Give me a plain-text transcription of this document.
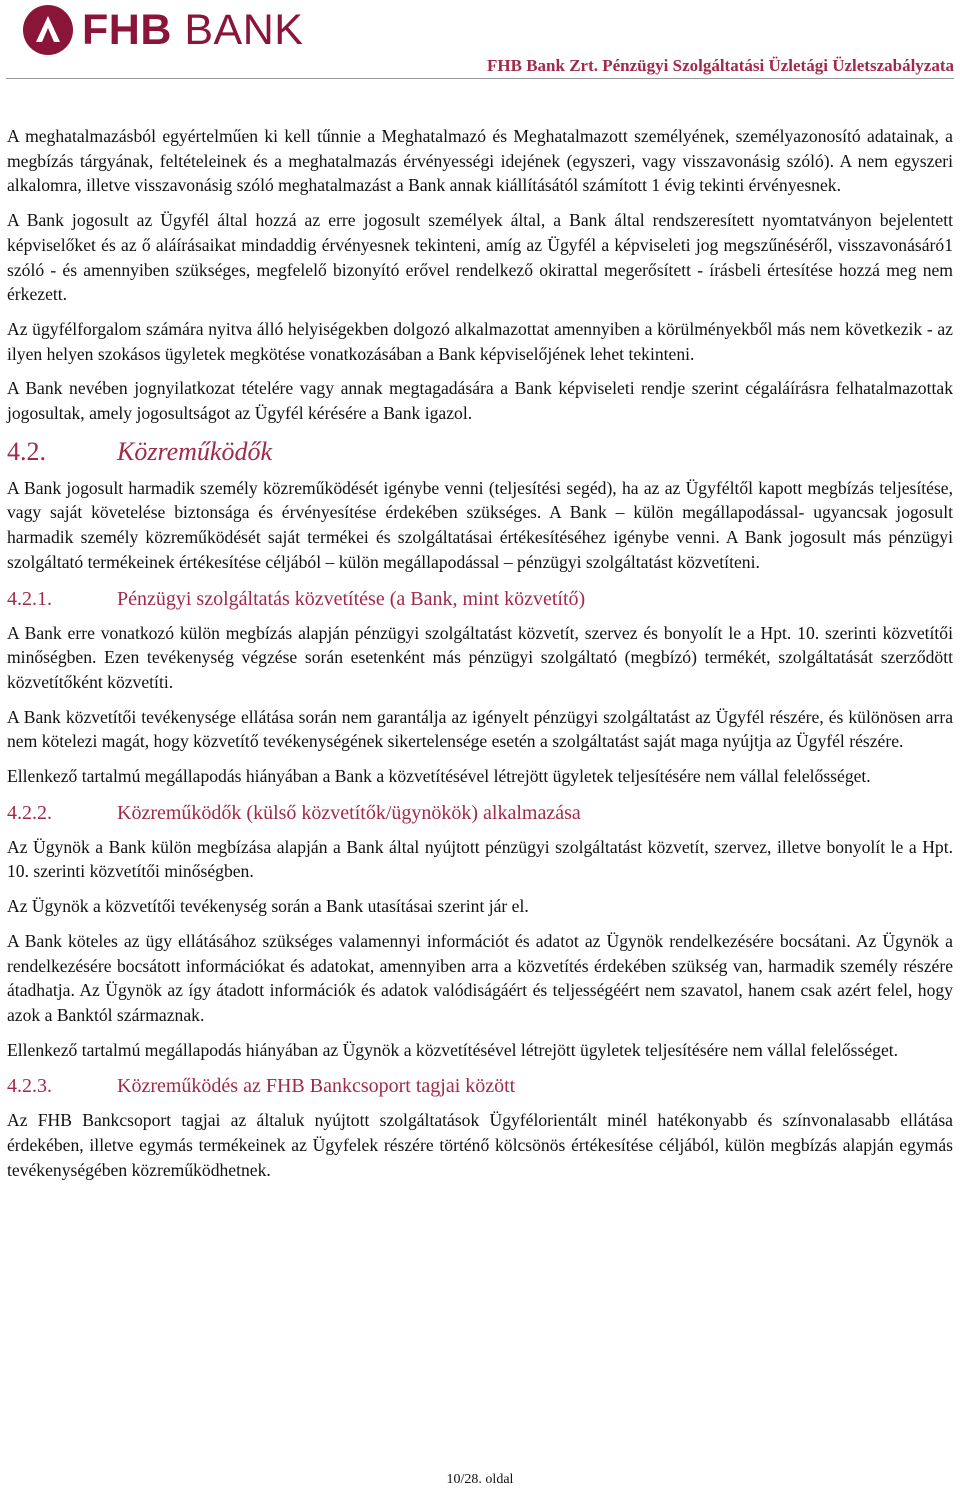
FHB BANK
FHB Bank Zrt. Pénzügyi Szolgáltatási Üzletági Üzletszabályzata

A meghatalmazásból egyértelműen ki kell tűnnie a Meghatalmazó és Meghatalmazott személyének, személyazonosító adatainak, a megbízás tárgyának, feltételeinek és a meghatalmazás érvényességi idejének (egyszeri, vagy visszavonásig szóló). A nem egyszeri alkalomra, illetve visszavonásig szóló meghatalmazást a Bank annak kiállításától számított 1 évig tekinti érvényesnek.

A Bank jogosult az Ügyfél által hozzá az erre jogosult személyek által, a Bank által rendszeresített nyomtatványon bejelentett képviselőket és az ő aláírásaikat mindaddig érvényesnek tekinteni, amíg az Ügyfél a képviseleti jog megszűnéséről, visszavonásáró1 szóló - és amennyiben szükséges, megfelelő bizonyító erővel rendelkező okirattal megerősített - írásbeli értesítése hozzá meg nem érkezett.

Az ügyfélforgalom számára nyitva álló helyiségekben dolgozó alkalmazottat amennyiben a körülményekből más nem következik - az ilyen helyen szokásos ügyletek megkötése vonatkozásában a Bank képviselőjének lehet tekinteni.

A Bank nevében jognyilatkozat tételére vagy annak megtagadására a Bank képviseleti rendje szerint cégaláírásra felhatalmazottak jogosultak, amely jogosultságot az Ügyfél kérésére a Bank igazol.

4.2.	Közreműködők

A Bank jogosult harmadik személy közreműködését igénybe venni (teljesítési segéd), ha az az Ügyféltől kapott megbízás teljesítése, vagy saját követelése biztonsága és érvényesítése érdekében szükséges. A Bank – külön megállapodással- ugyancsak jogosult harmadik személy közreműködését saját termékei és szolgáltatásai értékesítéséhez igénybe venni. A Bank jogosult más pénzügyi szolgáltató termékeinek értékesítése céljából – külön megállapodással – pénzügyi szolgáltatást közvetíteni.

4.2.1.	Pénzügyi szolgáltatás közvetítése (a Bank, mint közvetítő)

A Bank erre vonatkozó külön megbízás alapján pénzügyi szolgáltatást közvetít, szervez és bonyolít le a Hpt. 10. szerinti közvetítői minőségben. Ezen tevékenység végzése során esetenként más pénzügyi szolgáltató (megbízó) termékét, szolgáltatását szerződött közvetítőként közvetíti.

A Bank közvetítői tevékenysége ellátása során nem garantálja az igényelt pénzügyi szolgáltatást az Ügyfél részére, és különösen arra nem kötelezi magát, hogy közvetítő tevékenységének sikertelensége esetén a szolgáltatást saját maga nyújtja az Ügyfél részére.

Ellenkező tartalmú megállapodás hiányában a Bank a közvetítésével létrejött ügyletek teljesítésére nem vállal felelősséget.

4.2.2.	Közreműködők (külső közvetítők/ügynökök) alkalmazása

Az Ügynök a Bank külön megbízása alapján a Bank által nyújtott pénzügyi szolgáltatást közvetít, szervez, illetve bonyolít le a Hpt. 10. szerinti közvetítői minőségben.

Az Ügynök a közvetítői tevékenység során a Bank utasításai szerint jár el.

A Bank köteles az ügy ellátásához szükséges valamennyi információt és adatot az Ügynök rendelkezésére bocsátani. Az Ügynök a rendelkezésére bocsátott információkat és adatokat, amennyiben arra a közvetítés érdekében szükség van, harmadik személy részére átadhatja. Az Ügynök az így átadott információk és adatok valódiságáért és teljességéért nem szavatol, hanem csak azért felel, hogy azok a Banktól származnak.

Ellenkező tartalmú megállapodás hiányában az Ügynök a közvetítésével létrejött ügyletek teljesítésére nem vállal felelősséget.

4.2.3.	Közreműködés az FHB Bankcsoport tagjai között

Az FHB Bankcsoport tagjai az általuk nyújtott szolgáltatások Ügyfélorientált minél hatékonyabb és színvonalasabb ellátása érdekében, illetve egymás termékeinek az Ügyfelek részére történő kölcsönös értékesítése céljából, külön megbízás alapján egymás tevékenységében közreműködhetnek.

10/28. oldal
